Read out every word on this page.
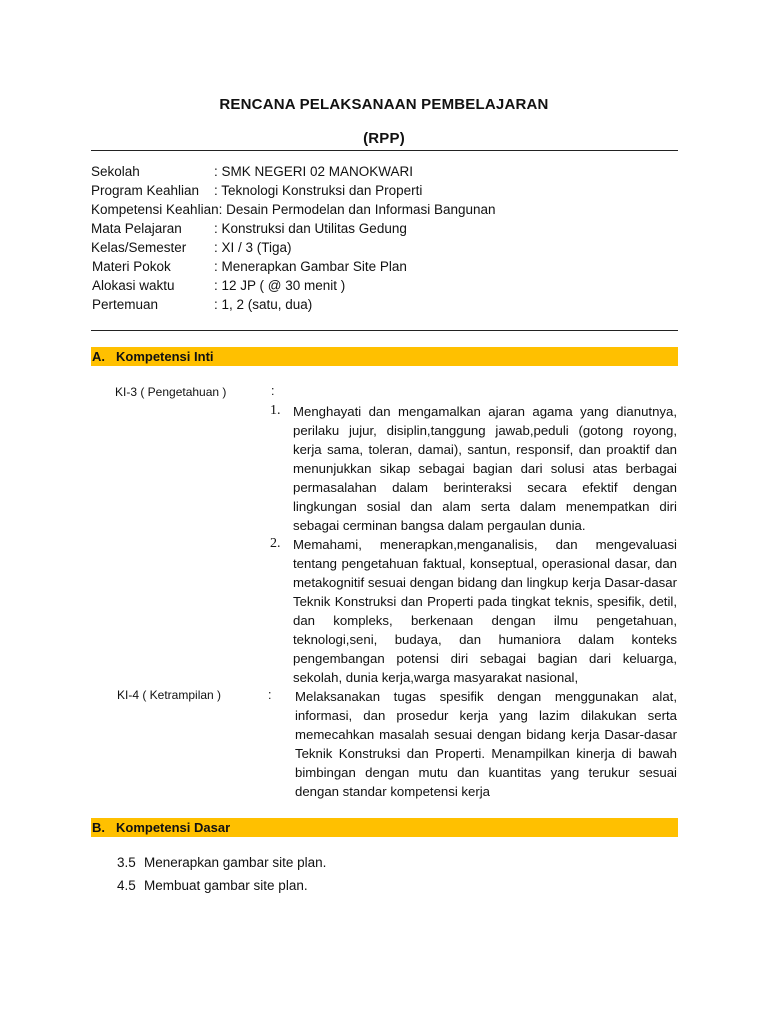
RENCANA PELAKSANAAN PEMBELAJARAN
(RPP)
Sekolah	: SMK NEGERI 02 MANOKWARI
Program Keahlian : Teknologi Konstruksi dan Properti
Kompetensi Keahlian: Desain Permodelan dan Informasi Bangunan
Mata Pelajaran : Konstruksi dan Utilitas Gedung
Kelas/Semester : XI / 3 (Tiga)
Materi Pokok	: Menerapkan Gambar Site Plan
Alokasi waktu	: 12 JP ( @ 30 menit )
Pertemuan	: 1, 2 (satu, dua)
A. Kompetensi Inti
KI-3 ( Pengetahuan )	:
1. Menghayati dan mengamalkan ajaran agama yang dianutnya, perilaku jujur, disiplin,tanggung jawab,peduli (gotong royong, kerja sama, toleran, damai), santun, responsif, dan proaktif dan menunjukkan sikap sebagai bagian dari solusi atas berbagai permasalahan dalam berinteraksi secara efektif dengan lingkungan sosial dan alam serta dalam menempatkan diri sebagai cerminan bangsa dalam pergaulan dunia.
2. Memahami, menerapkan,menganalisis, dan mengevaluasi tentang pengetahuan faktual, konseptual, operasional dasar, dan metakognitif sesuai dengan bidang dan lingkup kerja Dasar-dasar Teknik Konstruksi dan Properti pada tingkat teknis, spesifik, detil, dan kompleks, berkenaan dengan ilmu pengetahuan, teknologi,seni, budaya, dan humaniora dalam konteks pengembangan potensi diri sebagai bagian dari keluarga, sekolah, dunia kerja,warga masyarakat nasional,
KI-4 ( Ketrampilan )	: Melaksanakan tugas spesifik dengan menggunakan alat, informasi, dan prosedur kerja yang lazim dilakukan serta memecahkan masalah sesuai dengan bidang kerja Dasar-dasar Teknik Konstruksi dan Properti. Menampilkan kinerja di bawah bimbingan dengan mutu dan kuantitas yang terukur sesuai dengan standar kompetensi kerja
B. Kompetensi Dasar
3.5 Menerapkan gambar site plan.
4.5 Membuat gambar site plan.
